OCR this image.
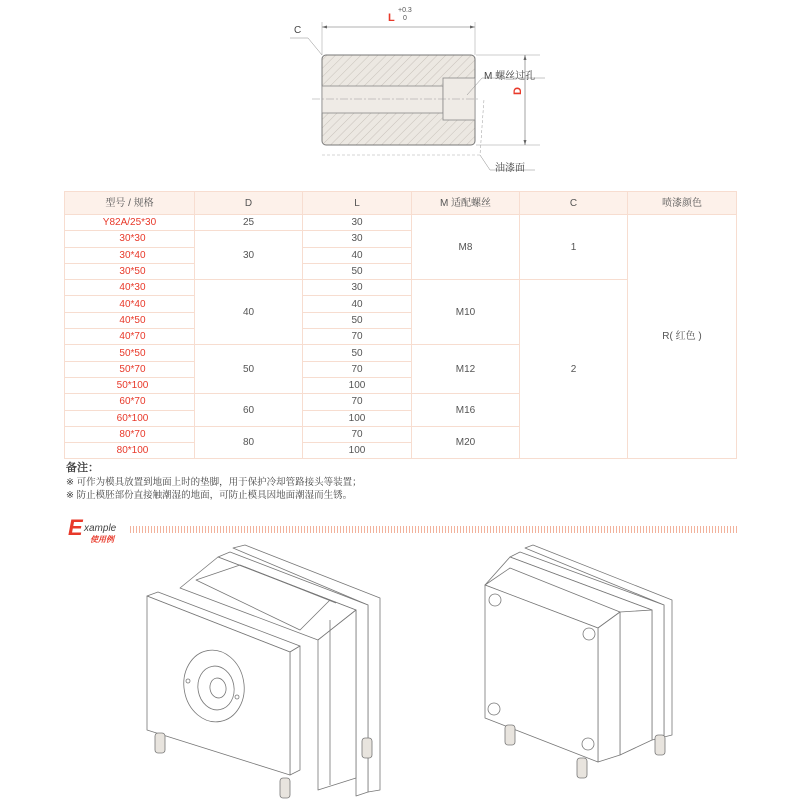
C
L
+0.3
0
D
M 螺丝过孔
油漆面
型号 / 规格	D	L	M 适配螺丝	C	喷漆颜色
Y82A/25*30	25	30	M8	1	R( 红色 )
30*30	30	30			
30*40		40			
30*50		50			
40*30	40	30	M10	2	
40*40		40			
40*50		50			
40*70		70			
50*50	50	50	M12		
50*70		70			
50*100		100			
60*70	60	70	M16		
60*100		100			
80*70	80	70	M20		
80*100		100			
备注：
※ 可作为模具放置到地面上时的垫脚，用于保护冷却管路接头等装置；
※ 防止模胚部份直接触潮湿的地面，可防止模具因地面潮湿而生锈。
E xample
使用例
